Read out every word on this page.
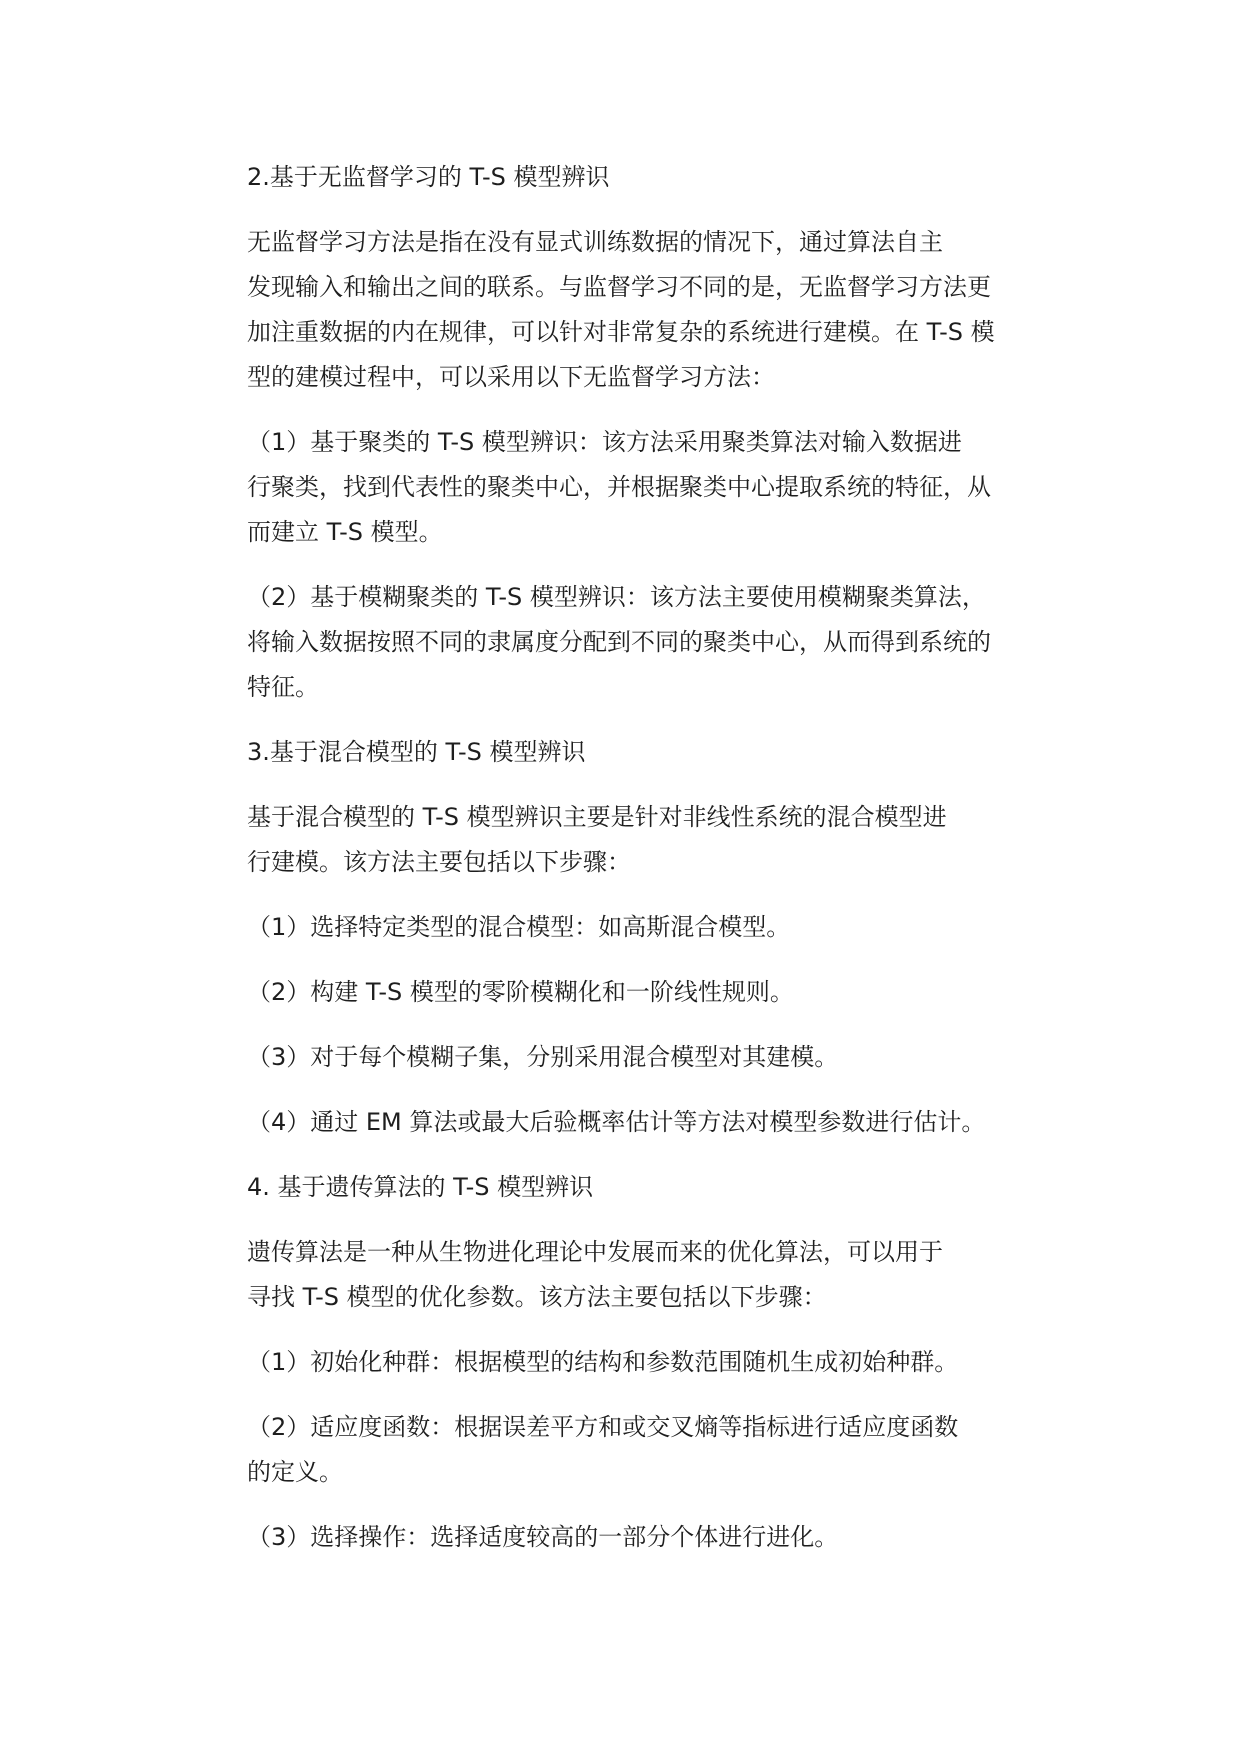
2.基于无监督学习的 T-S 模型辨识

无监督学习方法是指在没有显式训练数据的情况下，通过算法自主
发现输入和输出之间的联系。与监督学习不同的是，无监督学习方法更
加注重数据的内在规律，可以针对非常复杂的系统进行建模。在 T-S 模
型的建模过程中，可以采用以下无监督学习方法：

（1）基于聚类的 T-S 模型辨识：该方法采用聚类算法对输入数据进
行聚类，找到代表性的聚类中心，并根据聚类中心提取系统的特征，从
而建立 T-S 模型。

（2）基于模糊聚类的 T-S 模型辨识：该方法主要使用模糊聚类算法，
将输入数据按照不同的隶属度分配到不同的聚类中心，从而得到系统的
特征。

3.基于混合模型的 T-S 模型辨识

基于混合模型的 T-S 模型辨识主要是针对非线性系统的混合模型进
行建模。该方法主要包括以下步骤：

（1）选择特定类型的混合模型：如高斯混合模型。

（2）构建 T-S 模型的零阶模糊化和一阶线性规则。

（3）对于每个模糊子集，分别采用混合模型对其建模。

（4）通过 EM 算法或最大后验概率估计等方法对模型参数进行估计。

4. 基于遗传算法的 T-S 模型辨识

遗传算法是一种从生物进化理论中发展而来的优化算法，可以用于
寻找 T-S 模型的优化参数。该方法主要包括以下步骤：

（1）初始化种群：根据模型的结构和参数范围随机生成初始种群。

（2）适应度函数：根据误差平方和或交叉熵等指标进行适应度函数
的定义。

（3）选择操作：选择适度较高的一部分个体进行进化。
